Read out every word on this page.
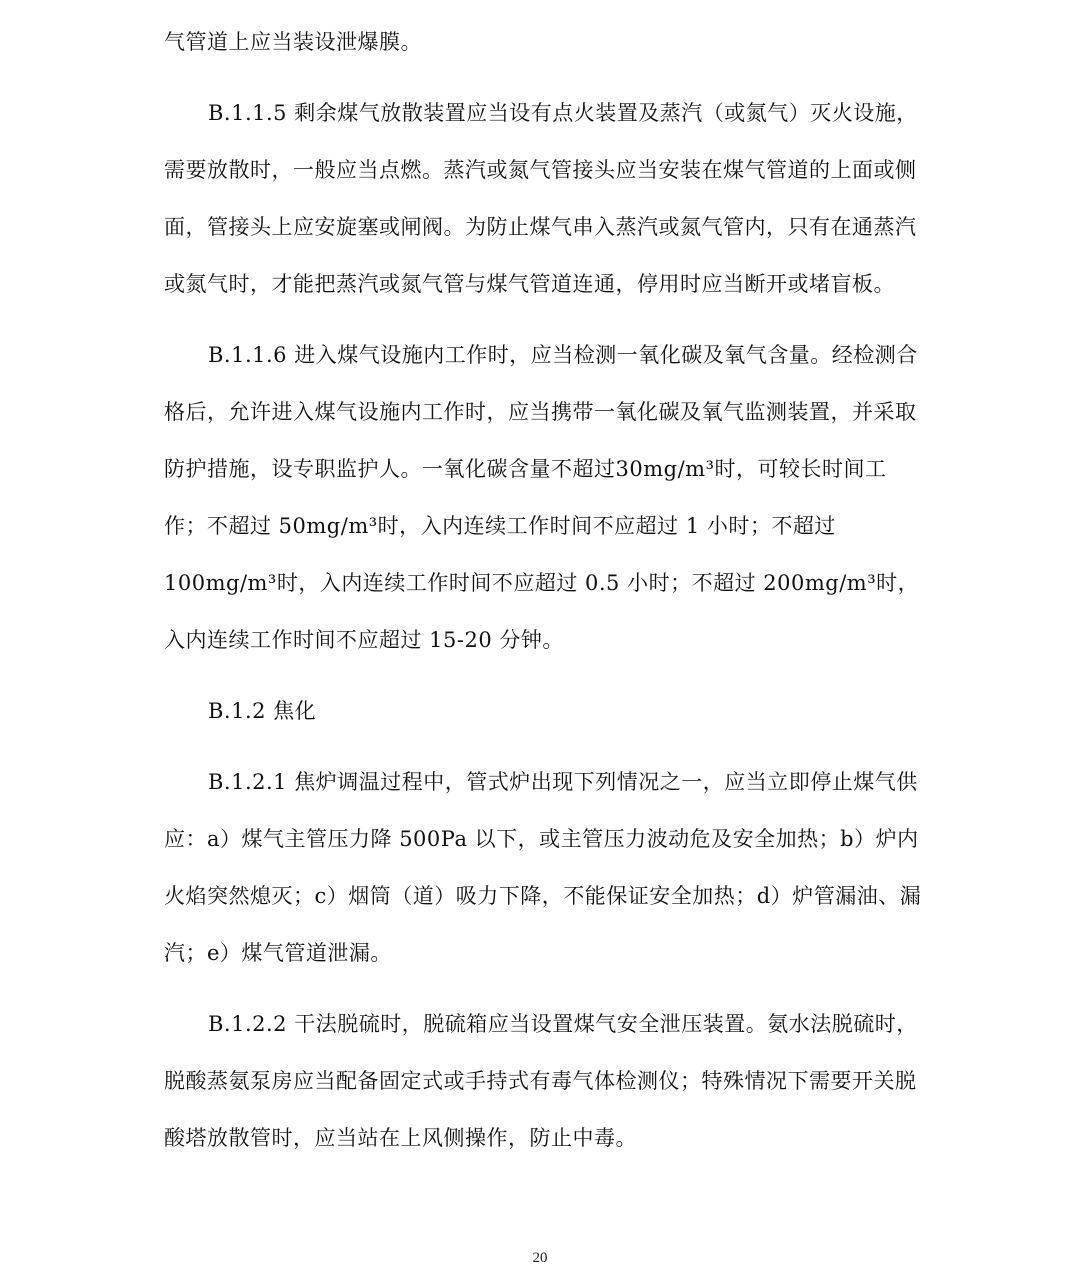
气管道上应当装设泄爆膜。

B.1.1.5 剩余煤气放散装置应当设有点火装置及蒸汽（或氮气）灭火设施，需要放散时，一般应当点燃。蒸汽或氮气管接头应当安装在煤气管道的上面或侧面，管接头上应安旋塞或闸阀。为防止煤气串入蒸汽或氮气管内，只有在通蒸汽或氮气时，才能把蒸汽或氮气管与煤气管道连通，停用时应当断开或堵盲板。

B.1.1.6 进入煤气设施内工作时，应当检测一氧化碳及氧气含量。经检测合格后，允许进入煤气设施内工作时，应当携带一氧化碳及氧气监测装置，并采取防护措施，设专职监护人。一氧化碳含量不超过30mg/m³时，可较长时间工作；不超过 50mg/m³时，入内连续工作时间不应超过 1 小时；不超过 100mg/m³时，入内连续工作时间不应超过 0.5 小时；不超过 200mg/m³时，入内连续工作时间不应超过 15-20 分钟。

B.1.2 焦化

B.1.2.1 焦炉调温过程中，管式炉出现下列情况之一，应当立即停止煤气供应：a）煤气主管压力降 500Pa 以下，或主管压力波动危及安全加热；b）炉内火焰突然熄灭；c）烟筒（道）吸力下降，不能保证安全加热；d）炉管漏油、漏汽；e）煤气管道泄漏。

B.1.2.2 干法脱硫时，脱硫箱应当设置煤气安全泄压装置。氨水法脱硫时，脱酸蒸氨泵房应当配备固定式或手持式有毒气体检测仪；特殊情况下需要开关脱酸塔放散管时，应当站在上风侧操作，防止中毒。

20
